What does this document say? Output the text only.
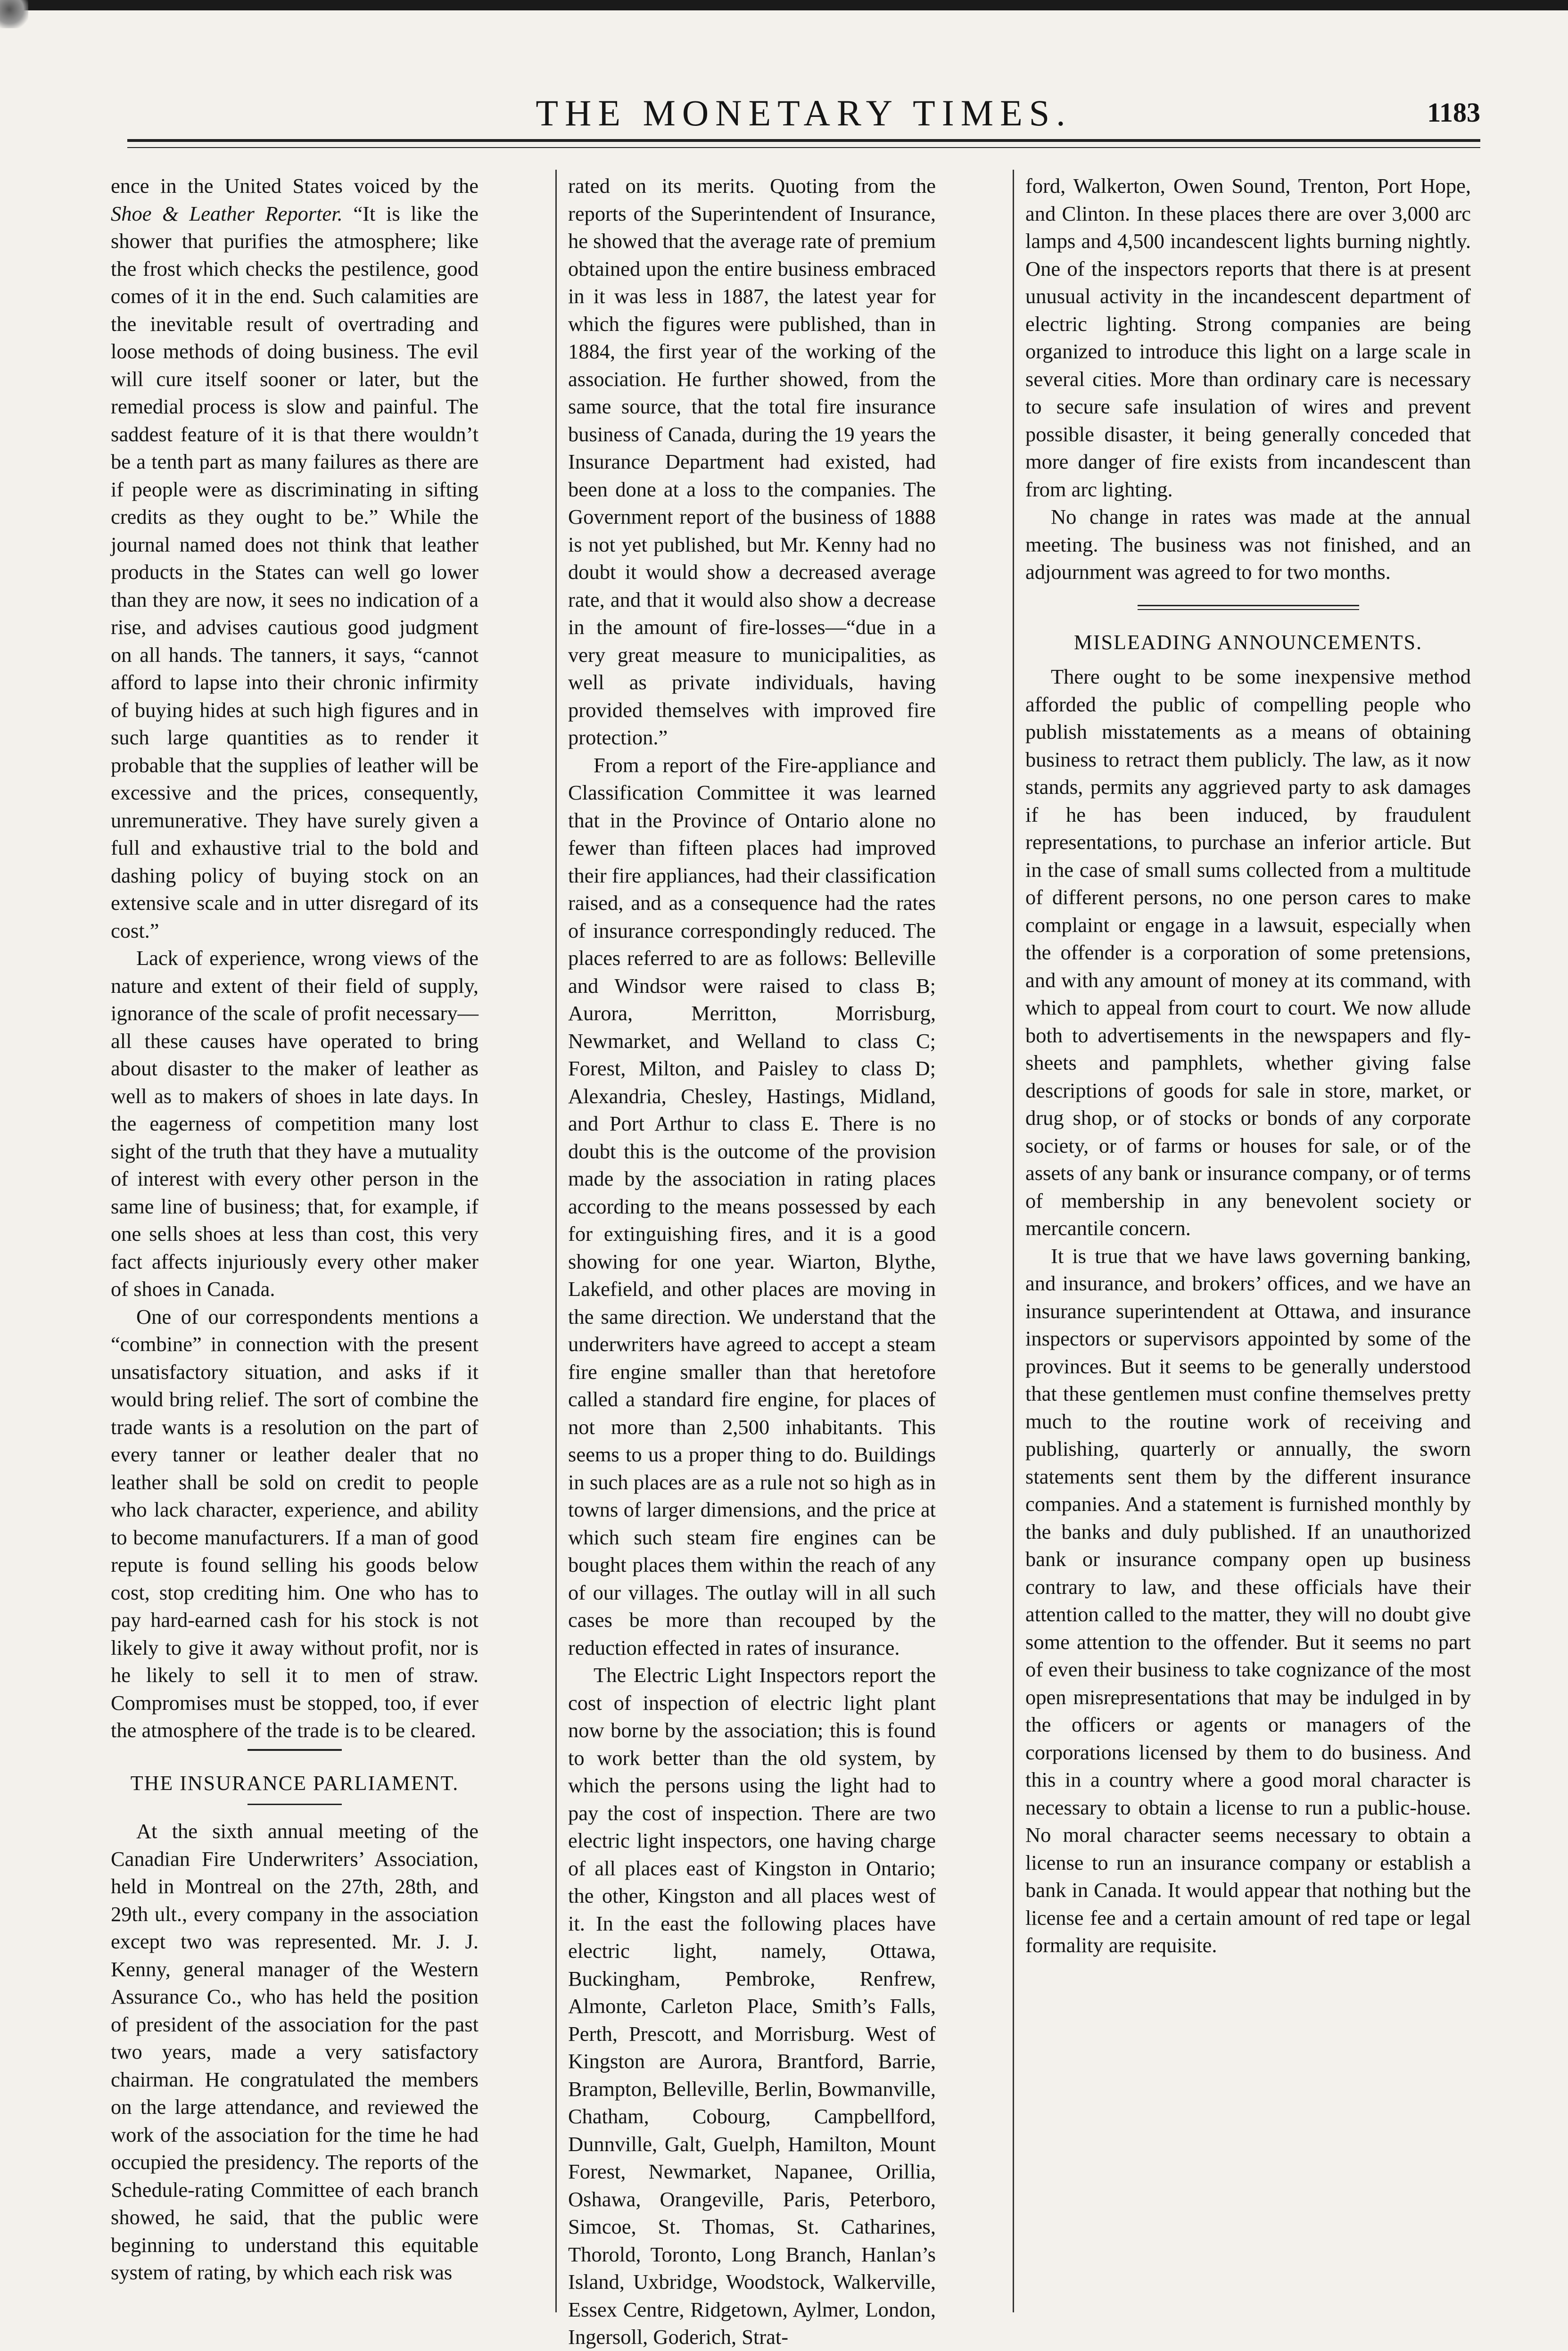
THE MONETARY TIMES.	1183

ence in the United States voiced by the Shoe & Leather Reporter. “It is like the shower that purifies the atmosphere; like the frost which checks the pestilence, good comes of it in the end. Such calamities are the inevitable result of overtrading and loose methods of doing business. The evil will cure itself sooner or later, but the remedial process is slow and painful. The saddest feature of it is that there wouldn’t be a tenth part as many failures as there are if people were as discriminating in sifting credits as they ought to be.” While the journal named does not think that leather products in the States can well go lower than they are now, it sees no indication of a rise, and advises cautious good judgment on all hands. The tanners, it says, “cannot afford to lapse into their chronic infirmity of buying hides at such high figures and in such large quantities as to render it probable that the supplies of leather will be excessive and the prices, consequently, unremunerative. They have surely given a full and exhaustive trial to the bold and dashing policy of buying stock on an extensive scale and in utter disregard of its cost.”

Lack of experience, wrong views of the nature and extent of their field of supply, ignorance of the scale of profit necessary—all these causes have operated to bring about disaster to the maker of leather as well as to makers of shoes in late days. In the eagerness of competition many lost sight of the truth that they have a mutuality of interest with every other person in the same line of business; that, for example, if one sells shoes at less than cost, this very fact affects injuriously every other maker of shoes in Canada.

One of our correspondents mentions a “combine” in connection with the present unsatisfactory situation, and asks if it would bring relief. The sort of combine the trade wants is a resolution on the part of every tanner or leather dealer that no leather shall be sold on credit to people who lack character, experience, and ability to become manufacturers. If a man of good repute is found selling his goods below cost, stop crediting him. One who has to pay hard-earned cash for his stock is not likely to give it away without profit, nor is he likely to sell it to men of straw. Compromises must be stopped, too, if ever the atmosphere of the trade is to be cleared.

THE INSURANCE PARLIAMENT.

At the sixth annual meeting of the Canadian Fire Underwriters’ Association, held in Montreal on the 27th, 28th, and 29th ult., every company in the association except two was represented. Mr. J. J. Kenny, general manager of the Western Assurance Co., who has held the position of president of the association for the past two years, made a very satisfactory chairman. He congratulated the members on the large attendance, and reviewed the work of the association for the time he had occupied the presidency. The reports of the Schedule-rating Committee of each branch showed, he said, that the public were beginning to understand this equitable system of rating, by which each risk was

rated on its merits. Quoting from the reports of the Superintendent of Insurance, he showed that the average rate of premium obtained upon the entire business embraced in it was less in 1887, the latest year for which the figures were published, than in 1884, the first year of the working of the association. He further showed, from the same source, that the total fire insurance business of Canada, during the 19 years the Insurance Department had existed, had been done at a loss to the companies. The Government report of the business of 1888 is not yet published, but Mr. Kenny had no doubt it would show a decreased average rate, and that it would also show a decrease in the amount of fire-losses—“due in a very great measure to municipalities, as well as private individuals, having provided themselves with improved fire protection.”

From a report of the Fire-appliance and Classification Committee it was learned that in the Province of Ontario alone no fewer than fifteen places had improved their fire appliances, had their classification raised, and as a consequence had the rates of insurance correspondingly reduced. The places referred to are as follows: Belleville and Windsor were raised to class B; Aurora, Merritton, Morrisburg, Newmarket, and Welland to class C; Forest, Milton, and Paisley to class D; Alexandria, Chesley, Hastings, Midland, and Port Arthur to class E. There is no doubt this is the outcome of the provision made by the association in rating places according to the means possessed by each for extinguishing fires, and it is a good showing for one year. Wiarton, Blythe, Lakefield, and other places are moving in the same direction. We understand that the underwriters have agreed to accept a steam fire engine smaller than that heretofore called a standard fire engine, for places of not more than 2,500 inhabitants. This seems to us a proper thing to do. Buildings in such places are as a rule not so high as in towns of larger dimensions, and the price at which such steam fire engines can be bought places them within the reach of any of our villages. The outlay will in all such cases be more than recouped by the reduction effected in rates of insurance.

The Electric Light Inspectors report the cost of inspection of electric light plant now borne by the association; this is found to work better than the old system, by which the persons using the light had to pay the cost of inspection. There are two electric light inspectors, one having charge of all places east of Kingston in Ontario; the other, Kingston and all places west of it. In the east the following places have electric light, namely, Ottawa, Buckingham, Pembroke, Renfrew, Almonte, Carleton Place, Smith’s Falls, Perth, Prescott, and Morrisburg. West of Kingston are Aurora, Brantford, Barrie, Brampton, Belleville, Berlin, Bowmanville, Chatham, Cobourg, Campbellford, Dunnville, Galt, Guelph, Hamilton, Mount Forest, Newmarket, Napanee, Orillia, Oshawa, Orangeville, Paris, Peterboro, Simcoe, St. Thomas, St. Catharines, Thorold, Toronto, Long Branch, Hanlan’s Island, Uxbridge, Woodstock, Walkerville, Essex Centre, Ridgetown, Aylmer, London, Ingersoll, Goderich, Strat-

ford, Walkerton, Owen Sound, Trenton, Port Hope, and Clinton. In these places there are over 3,000 arc lamps and 4,500 incandescent lights burning nightly. One of the inspectors reports that there is at present unusual activity in the incandescent department of electric lighting. Strong companies are being organized to introduce this light on a large scale in several cities. More than ordinary care is necessary to secure safe insulation of wires and prevent possible disaster, it being generally conceded that more danger of fire exists from incandescent than from arc lighting.

No change in rates was made at the annual meeting. The business was not finished, and an adjournment was agreed to for two months.

MISLEADING ANNOUNCEMENTS.

There ought to be some inexpensive method afforded the public of compelling people who publish misstatements as a means of obtaining business to retract them publicly. The law, as it now stands, permits any aggrieved party to ask damages if he has been induced, by fraudulent representations, to purchase an inferior article. But in the case of small sums collected from a multitude of different persons, no one person cares to make complaint or engage in a lawsuit, especially when the offender is a corporation of some pretensions, and with any amount of money at its command, with which to appeal from court to court. We now allude both to advertisements in the newspapers and fly-sheets and pamphlets, whether giving false descriptions of goods for sale in store, market, or drug shop, or of stocks or bonds of any corporate society, or of farms or houses for sale, or of the assets of any bank or insurance company, or of terms of membership in any benevolent society or mercantile concern.

It is true that we have laws governing banking, and insurance, and brokers’ offices, and we have an insurance superintendent at Ottawa, and insurance inspectors or supervisors appointed by some of the provinces. But it seems to be generally understood that these gentlemen must confine themselves pretty much to the routine work of receiving and publishing, quarterly or annually, the sworn statements sent them by the different insurance companies. And a statement is furnished monthly by the banks and duly published. If an unauthorized bank or insurance company open up business contrary to law, and these officials have their attention called to the matter, they will no doubt give some attention to the offender. But it seems no part of even their business to take cognizance of the most open misrepresentations that may be indulged in by the officers or agents or managers of the corporations licensed by them to do business. And this in a country where a good moral character is necessary to obtain a license to run a public-house. No moral character seems necessary to obtain a license to run an insurance company or establish a bank in Canada. It would appear that nothing but the license fee and a certain amount of red tape or legal formality are requisite.
